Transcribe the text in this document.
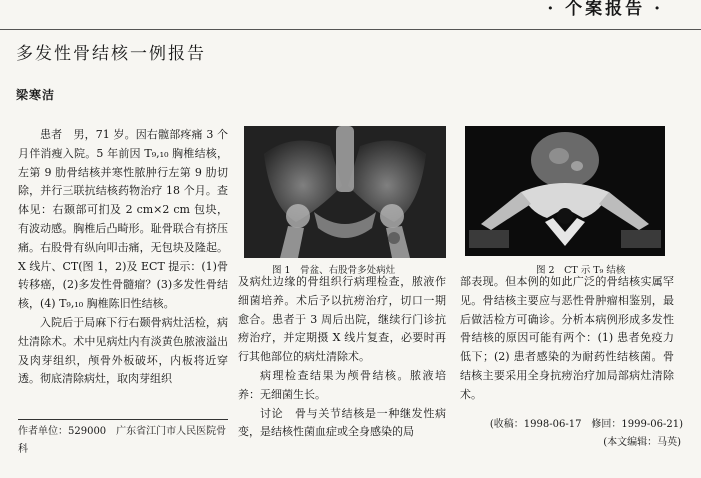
· 个案报告 ·
多发性骨结核一例报告
梁寒洁

患者　男，71 岁。因右髋部疼痛 3 个月伴消瘦入院。5 年前因 T₉,₁₀ 胸椎结核，左第 9 肋骨结核并寒性脓肿行左第 9 肋切除，并行三联抗结核药物治疗 18 个月。查体见：右颞部可扪及 2 cm×2 cm 包块，有波动感。胸椎后凸畸形。耻骨联合有挤压痛。右股骨有纵向叩击痛，无包块及隆起。X 线片、CT(图 1，2)及 ECT 提示：(1)骨转移癌，(2)多发性骨髓瘤？(3)多发性骨结核，(4) T₉,₁₀ 胸椎陈旧性结核。

入院后于局麻下行右颞骨病灶活检，病灶清除术。术中见病灶内有淡黄色脓液溢出及肉芽组织，颅骨外板破坏，内板将近穿透。彻底清除病灶，取肉芽组织

作者单位：529000　广东省江门市人民医院骨科
图 1　骨盆、右股骨多处病灶	图 2　CT 示 T₉ 结核

及病灶边缘的骨组织行病理检查，脓液作细菌培养。术后予以抗痨治疗，切口一期愈合。患者于 3 周后出院，继续行门诊抗痨治疗，并定期摄 X 线片复查，必要时再行其他部位的病灶清除术。

病理检查结果为颅骨结核。脓液培养：无细菌生长。

讨论　骨与关节结核是一种继发性病变，是结核性菌血症或全身感染的局

部表现。但本例的如此广泛的骨结核实属罕见。骨结核主要应与恶性骨肿瘤相鉴别，最后做活检方可确诊。分析本病例形成多发性骨结核的原因可能有两个：(1) 患者免疫力低下；(2) 患者感染的为耐药性结核菌。骨结核主要采用全身抗痨治疗加局部病灶清除术。

(收稿：1998-06-17　修回：1999-06-21)
(本文编辑：马英)
